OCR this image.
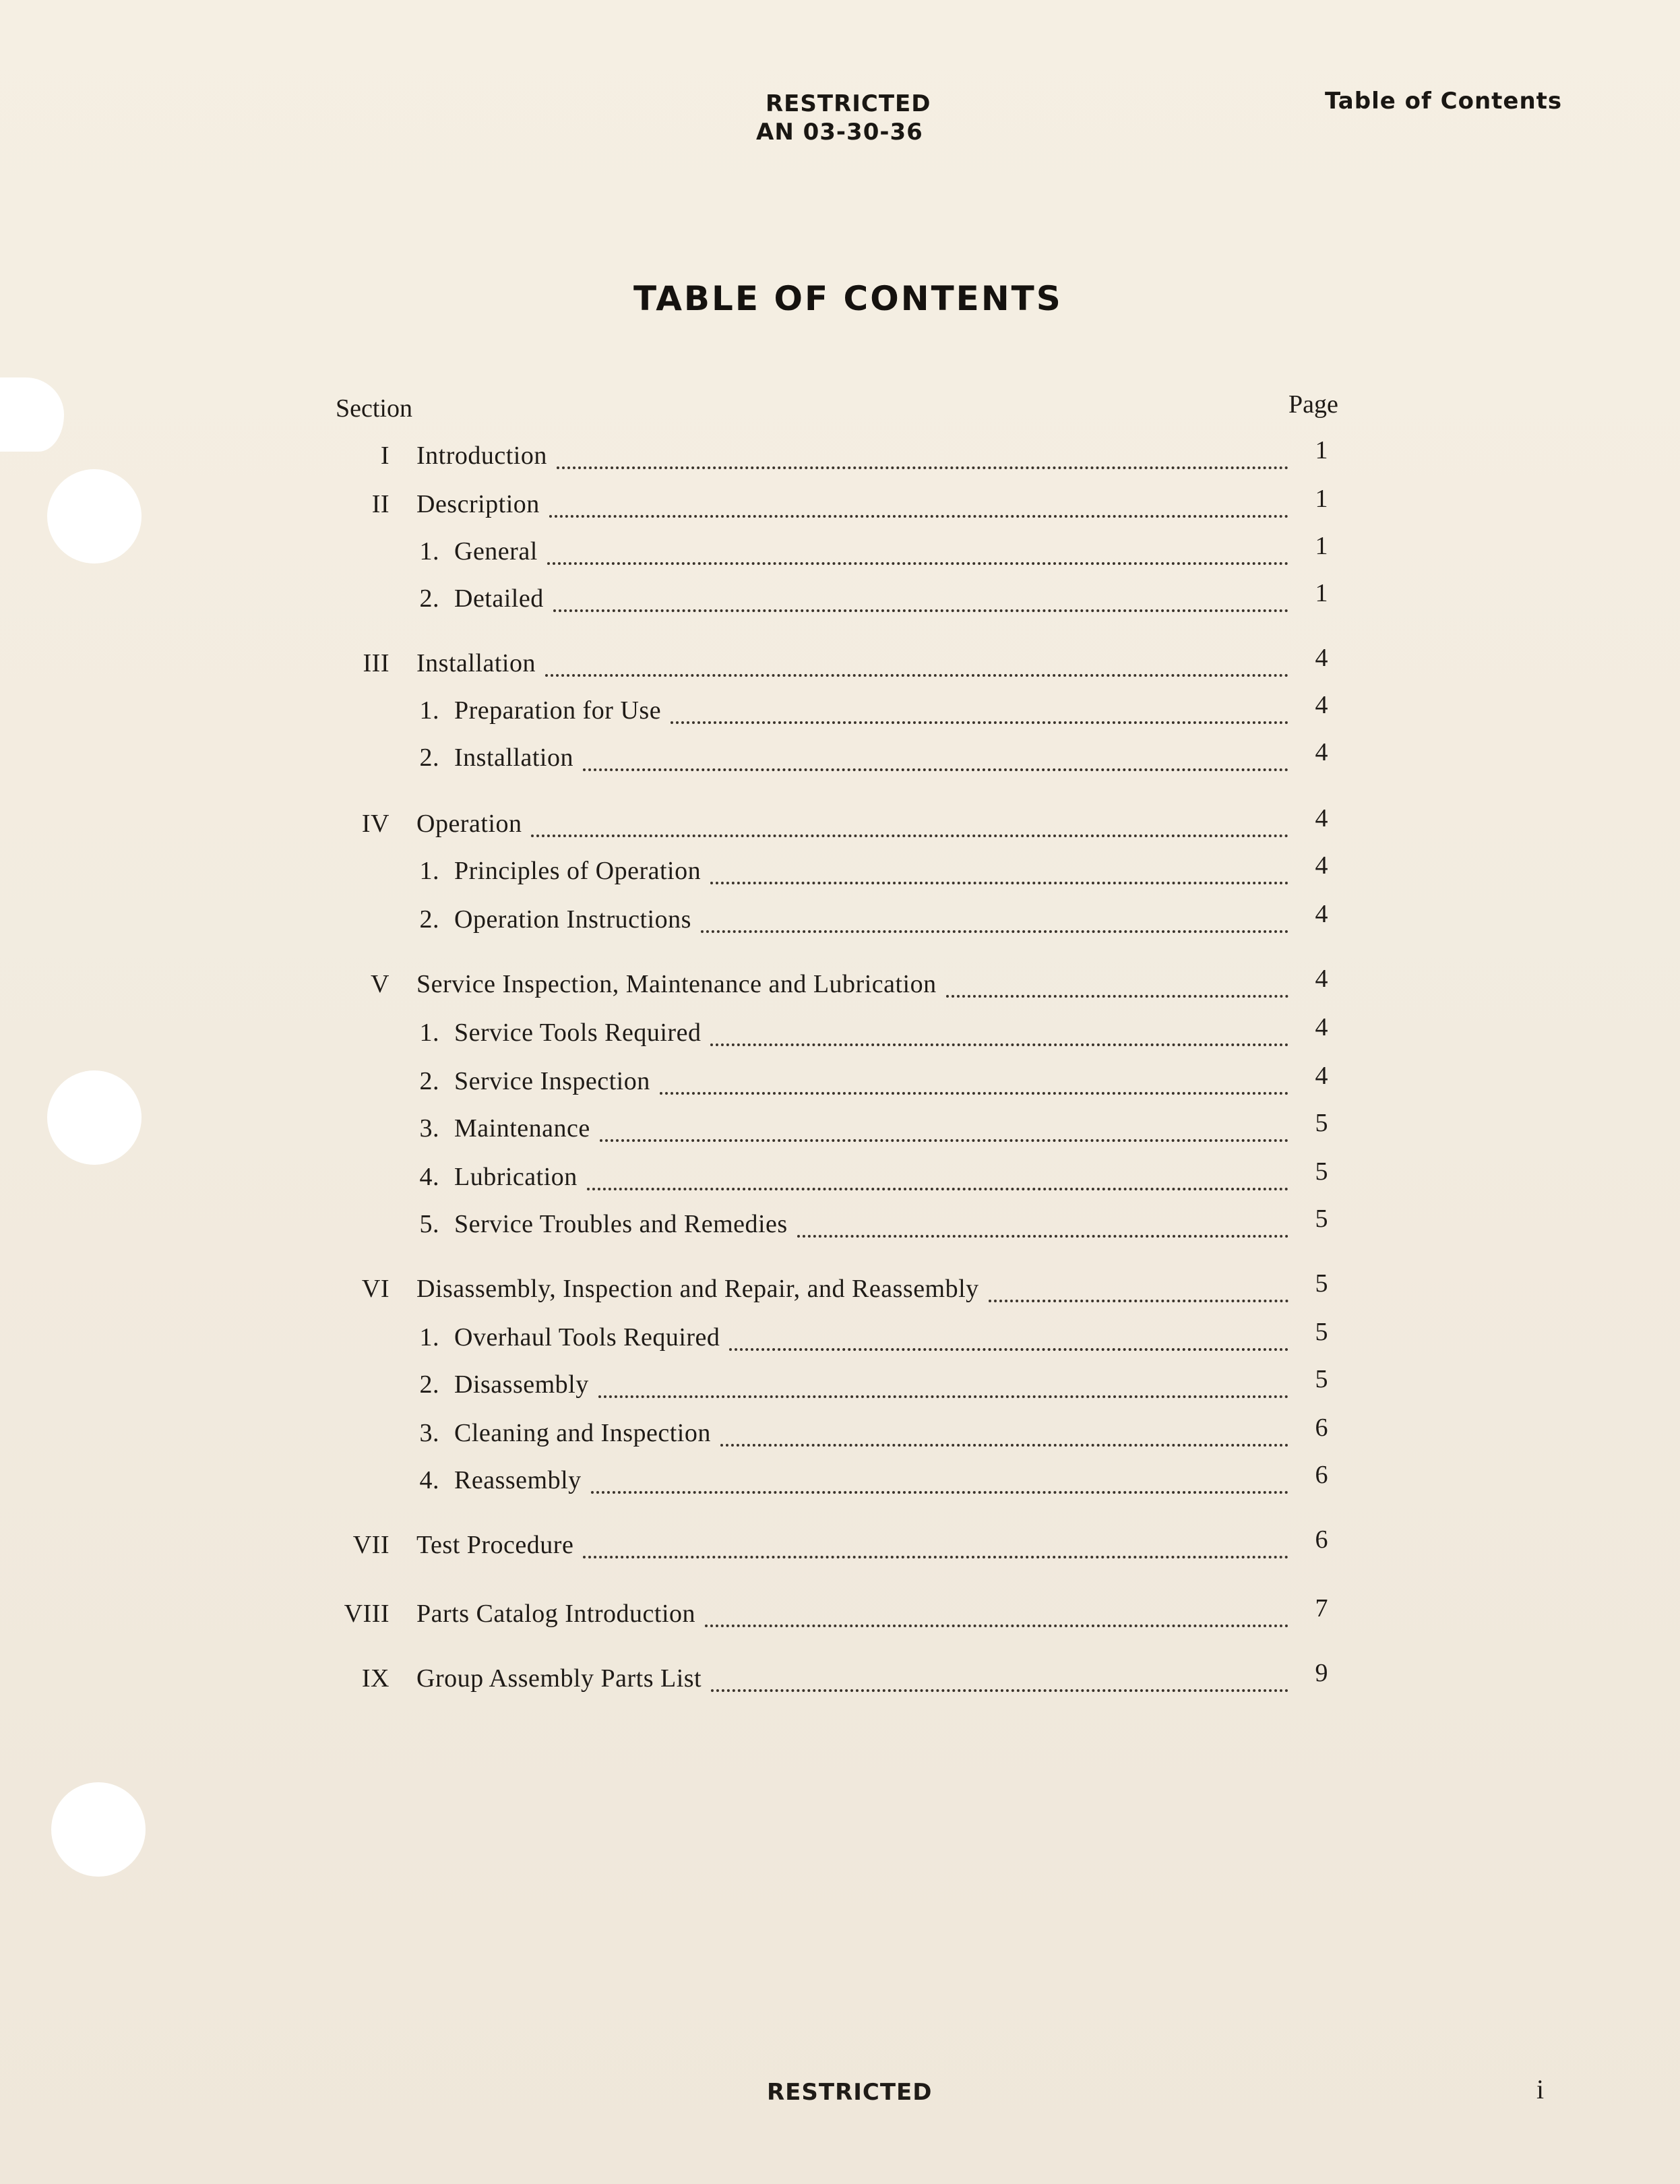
RESTRICTED
AN 03-30-36
Table of Contents
TABLE OF CONTENTS
Section	Page
I Introduction	1
II Description	1
1. General	1
2. Detailed	1
III Installation	4
1. Preparation for Use	4
2. Installation	4
IV Operation	4
1. Principles of Operation	4
2. Operation Instructions	4
V Service Inspection, Maintenance and Lubrication	4
1. Service Tools Required	4
2. Service Inspection	4
3. Maintenance	5
4. Lubrication	5
5. Service Troubles and Remedies	5
VI Disassembly, Inspection and Repair, and Reassembly	5
1. Overhaul Tools Required	5
2. Disassembly	5
3. Cleaning and Inspection	6
4. Reassembly	6
VII Test Procedure	6
VIII Parts Catalog Introduction	7
IX Group Assembly Parts List	9
RESTRICTED	i
